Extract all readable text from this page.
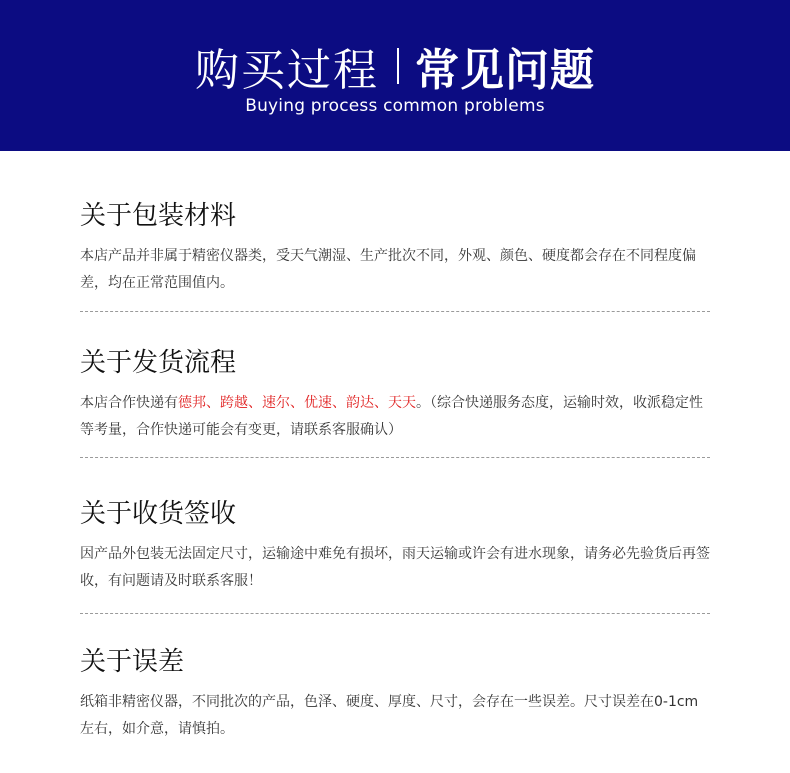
购买过程 常见问题
Buying process common problems
关于包装材料
本店产品并非属于精密仪器类，受天气潮湿、生产批次不同，外观、颜色、硬度都会存在不同程度偏差，均在正常范围值内。
关于发货流程
本店合作快递有德邦、跨越、速尔、优速、韵达、天天。（综合快递服务态度，运输时效，收派稳定性等考量，合作快递可能会有变更，请联系客服确认）
关于收货签收
因产品外包装无法固定尺寸，运输途中难免有损坏，雨天运输或许会有进水现象，请务必先验货后再签收，有问题请及时联系客服！
关于误差
纸箱非精密仪器，不同批次的产品，色泽、硬度、厚度、尺寸，会存在一些误差。尺寸误差在0-1cm左右，如介意，请慎拍。
